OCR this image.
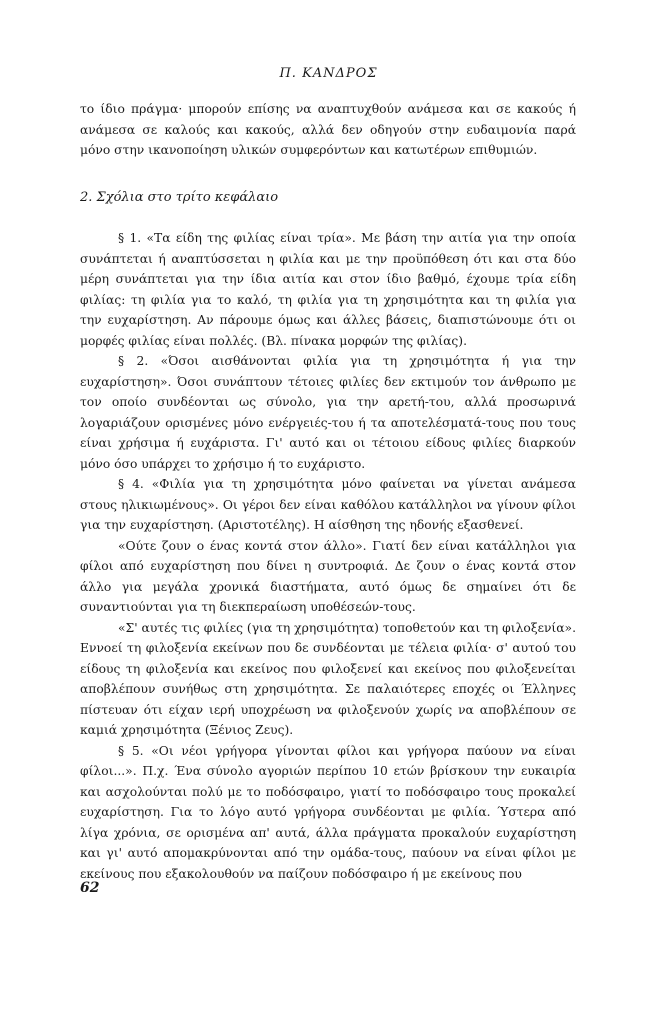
Π. ΚΑΝΔΡΟΣ

το ίδιο πράγμα· μπορούν επίσης να αναπτυχθούν ανάμεσα και σε κακούς ή ανάμεσα σε καλούς και κακούς, αλλά δεν οδηγούν στην ευδαιμονία παρά μόνο στην ικανοποίηση υλικών συμφερόντων και κατωτέρων επιθυμιών.

2. Σχόλια στο τρίτο κεφάλαιο

§ 1. «Τα είδη της φιλίας είναι τρία». Με βάση την αιτία για την οποία συνάπτεται ή αναπτύσσεται η φιλία και με την προϋπόθεση ότι και στα δύο μέρη συνάπτεται για την ίδια αιτία και στον ίδιο βαθμό, έχουμε τρία είδη φιλίας: τη φιλία για το καλό, τη φιλία για τη χρησιμότητα και τη φιλία για την ευχαρίστηση. Αν πάρουμε όμως και άλλες βάσεις, διαπιστώνουμε ότι οι μορφές φιλίας είναι πολλές. (Βλ. πίνακα μορφών της φιλίας).

§ 2. «Όσοι αισθάνονται φιλία για τη χρησιμότητα ή για την ευχαρίστηση». Όσοι συνάπτουν τέτοιες φιλίες δεν εκτιμούν τον άνθρωπο με τον οποίο συνδέονται ως σύνολο, για την αρετή-του, αλλά προσωρινά λογαριάζουν ορισμένες μόνο ενέργειές-του ή τα αποτελέσματά-τους που τους είναι χρήσιμα ή ευχάριστα. Γι' αυτό και οι τέτοιου είδους φιλίες διαρκούν μόνο όσο υπάρχει το χρήσιμο ή το ευχάριστο.

§ 4. «Φιλία για τη χρησιμότητα μόνο φαίνεται να γίνεται ανάμεσα στους ηλικιωμένους». Οι γέροι δεν είναι καθόλου κατάλληλοι να γίνουν φίλοι για την ευχαρίστηση. (Αριστοτέλης). Η αίσθηση της ηδονής εξασθενεί.

«Ούτε ζουν ο ένας κοντά στον άλλο». Γιατί δεν είναι κατάλληλοι για φίλοι από ευχαρίστηση που δίνει η συντροφιά. Δε ζουν ο ένας κοντά στον άλλο για μεγάλα χρονικά διαστήματα, αυτό όμως δε σημαίνει ότι δε συναντιούνται για τη διεκπεραίωση υποθέσεών-τους.

«Σ' αυτές τις φιλίες (για τη χρησιμότητα) τοποθετούν και τη φιλοξενία». Εννοεί τη φιλοξενία εκείνων που δε συνδέονται με τέλεια φιλία· σ' αυτού του είδους τη φιλοξενία και εκείνος που φιλοξενεί και εκείνος που φιλοξενείται αποβλέπουν συνήθως στη χρησιμότητα. Σε παλαιότερες εποχές οι Έλληνες πίστευαν ότι είχαν ιερή υποχρέωση να φιλοξενούν χωρίς να αποβλέπουν σε καμιά χρησιμότητα (Ξένιος Ζευς).

§ 5. «Οι νέοι γρήγορα γίνονται φίλοι και γρήγορα παύουν να είναι φίλοι...». Π.χ. Ένα σύνολο αγοριών περίπου 10 ετών βρίσκουν την ευκαιρία και ασχολούνται πολύ με το ποδόσφαιρο, γιατί το ποδόσφαιρο τους προκαλεί ευχαρίστηση. Για το λόγο αυτό γρήγορα συνδέονται με φιλία. Ύστερα από λίγα χρόνια, σε ορισμένα απ' αυτά, άλλα πράγματα προκαλούν ευχαρίστηση και γι' αυτό απομακρύνονται από την ομάδα-τους, παύουν να είναι φίλοι με εκείνους που εξακολουθούν να παίζουν ποδόσφαιρο ή με εκείνους που

62
